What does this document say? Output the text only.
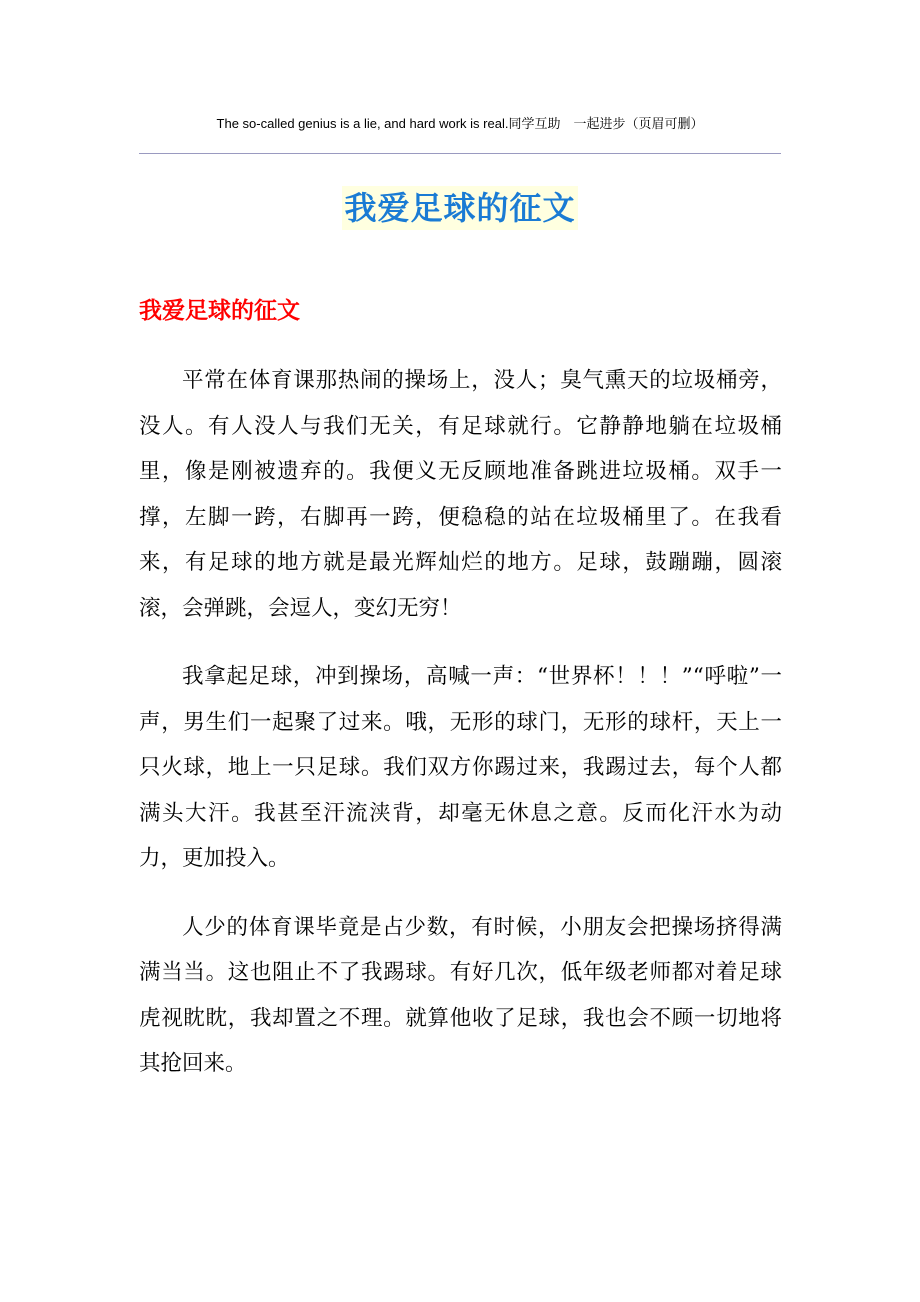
The so-called genius is a lie, and hard work is real.同学互助　一起进步（页眉可删）
我爱足球的征文
我爱足球的征文

平常在体育课那热闹的操场上，没人；臭气熏天的垃圾桶旁，没人。有人没人与我们无关，有足球就行。它静静地躺在垃圾桶里，像是刚被遗弃的。我便义无反顾地准备跳进垃圾桶。双手一撑，左脚一跨，右脚再一跨，便稳稳的站在垃圾桶里了。在我看来，有足球的地方就是最光辉灿烂的地方。足球，鼓蹦蹦，圆滚滚，会弹跳，会逗人，变幻无穷！

我拿起足球，冲到操场，高喊一声：“世界杯！！！”“呼啦”一声，男生们一起聚了过来。哦，无形的球门，无形的球杆，天上一只火球，地上一只足球。我们双方你踢过来，我踢过去，每个人都满头大汗。我甚至汗流浃背，却毫无休息之意。反而化汗水为动力，更加投入。

人少的体育课毕竟是占少数，有时候，小朋友会把操场挤得满满当当。这也阻止不了我踢球。有好几次，低年级老师都对着足球虎视眈眈，我却置之不理。就算他收了足球，我也会不顾一切地将其抢回来。
